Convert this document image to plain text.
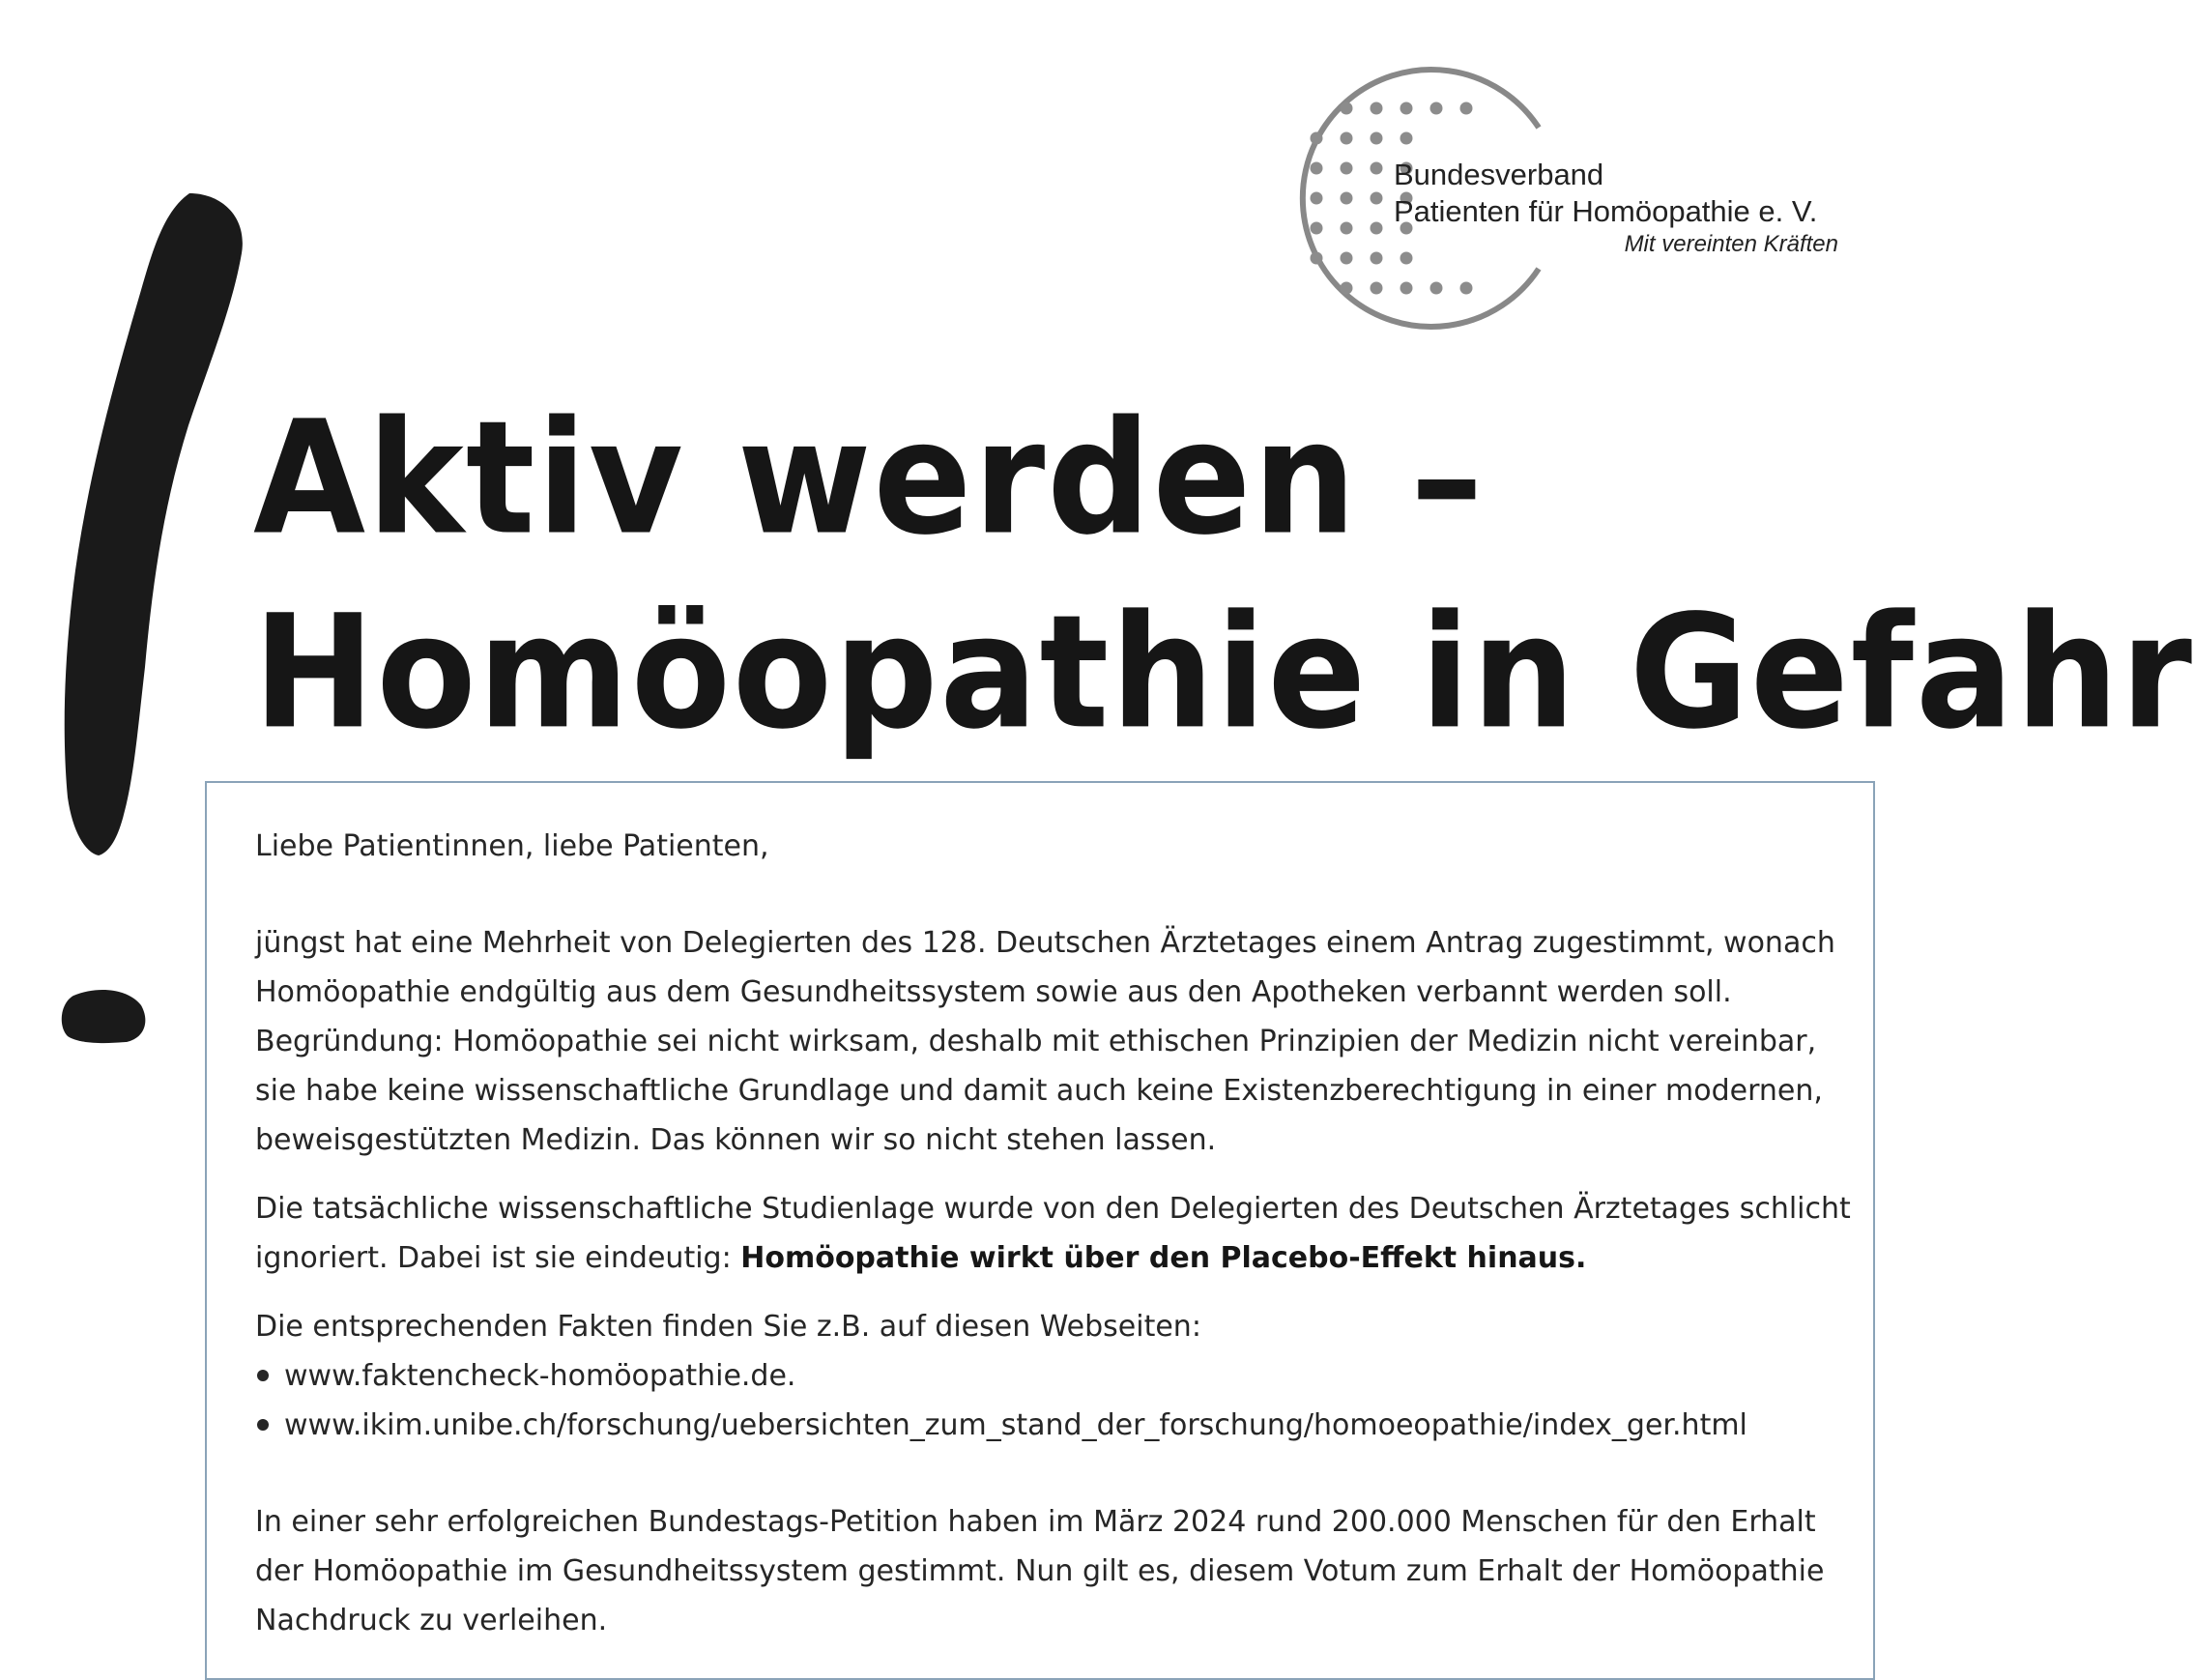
Bundesverband
Patienten für Homöopathie e. V.
Mit vereinten Kräften
Aktiv werden –
Homöopathie in Gefahr

Liebe Patientinnen, liebe Patienten,

jüngst hat eine Mehrheit von Delegierten des 128. Deutschen Ärztetages einem Antrag zugestimmt, wonach Homöopathie endgültig aus dem Gesundheitssystem sowie aus den Apotheken verbannt werden soll. Begründung: Homöopathie sei nicht wirksam, deshalb mit ethischen Prinzipien der Medizin nicht vereinbar, sie habe keine wissenschaftliche Grundlage und damit auch keine Existenzberechtigung in einer modernen, beweisgestützten Medizin. Das können wir so nicht stehen lassen.

Die tatsächliche wissenschaftliche Studienlage wurde von den Delegierten des Deutschen Ärztetages schlicht ignoriert. Dabei ist sie eindeutig: Homöopathie wirkt über den Placebo-Effekt hinaus.

Die entsprechenden Fakten finden Sie z.B. auf diesen Webseiten:

www.faktencheck-homöopathie.de.
www.ikim.unibe.ch/forschung/uebersichten_zum_stand_der_forschung/homoeopathie/index_ger.html

In einer sehr erfolgreichen Bundestags-Petition haben im März 2024 rund 200.000 Menschen für den Erhalt der Homöopathie im Gesundheitssystem gestimmt. Nun gilt es, diesem Votum zum Erhalt der Homöopathie Nachdruck zu verleihen.
